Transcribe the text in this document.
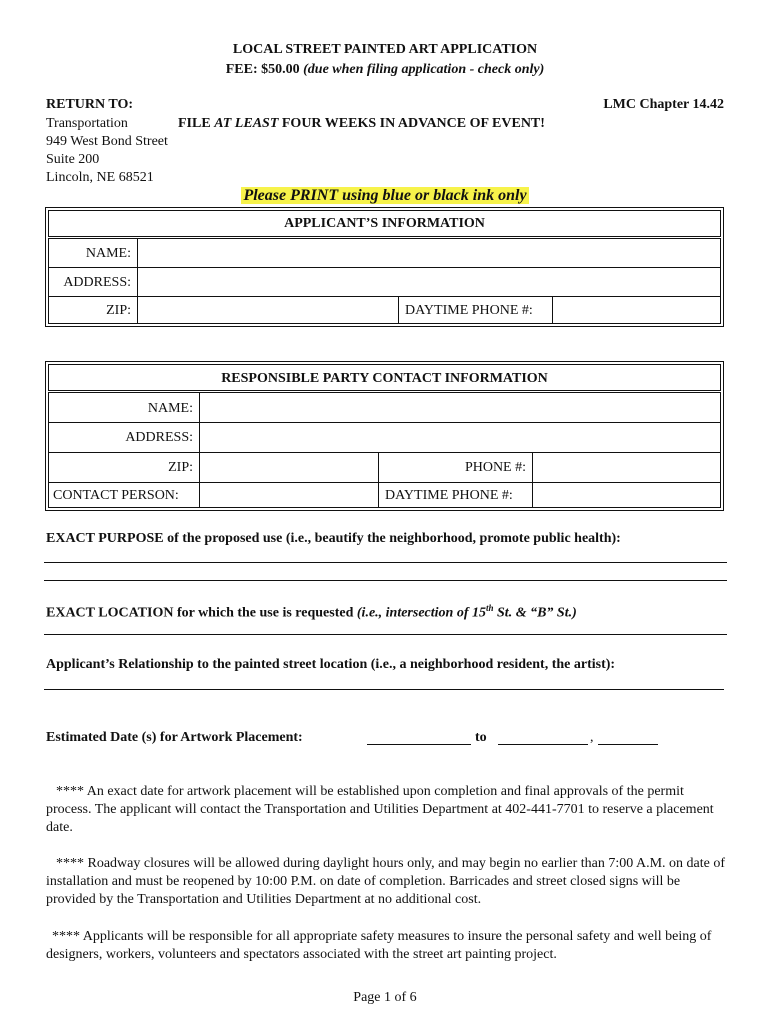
LOCAL STREET PAINTED ART APPLICATION
FEE: $50.00 (due when filing application - check only)
RETURN TO:
Transportation
949 West Bond Street
Suite 200
Lincoln, NE 68521
LMC Chapter 14.42
FILE AT LEAST FOUR WEEKS IN ADVANCE OF EVENT!
Please PRINT using blue or black ink only
APPLICANT’S INFORMATION
NAME:
ADDRESS:
ZIP:	DAYTIME PHONE #:
RESPONSIBLE PARTY CONTACT INFORMATION
NAME:
ADDRESS:
ZIP:	PHONE #:
CONTACT PERSON:	DAYTIME PHONE #:
EXACT PURPOSE of the proposed use (i.e., beautify the neighborhood, promote public health):
EXACT LOCATION for which the use is requested (i.e., intersection of 15th St. & “B” St.)
Applicant’s Relationship to the painted street location (i.e., a neighborhood resident, the artist):
Estimated Date (s) for Artwork Placement:	to	,
**** An exact date for artwork placement will be established upon completion and final approvals of the permit process. The applicant will contact the Transportation and Utilities Department at 402-441-7701 to reserve a placement date.
**** Roadway closures will be allowed during daylight hours only, and may begin no earlier than 7:00 A.M. on date of installation and must be reopened by 10:00 P.M. on date of completion. Barricades and street closed signs will be provided by the Transportation and Utilities Department at no additional cost.
**** Applicants will be responsible for all appropriate safety measures to insure the personal safety and well being of designers, workers, volunteers and spectators associated with the street art painting project.
Page 1 of 6
